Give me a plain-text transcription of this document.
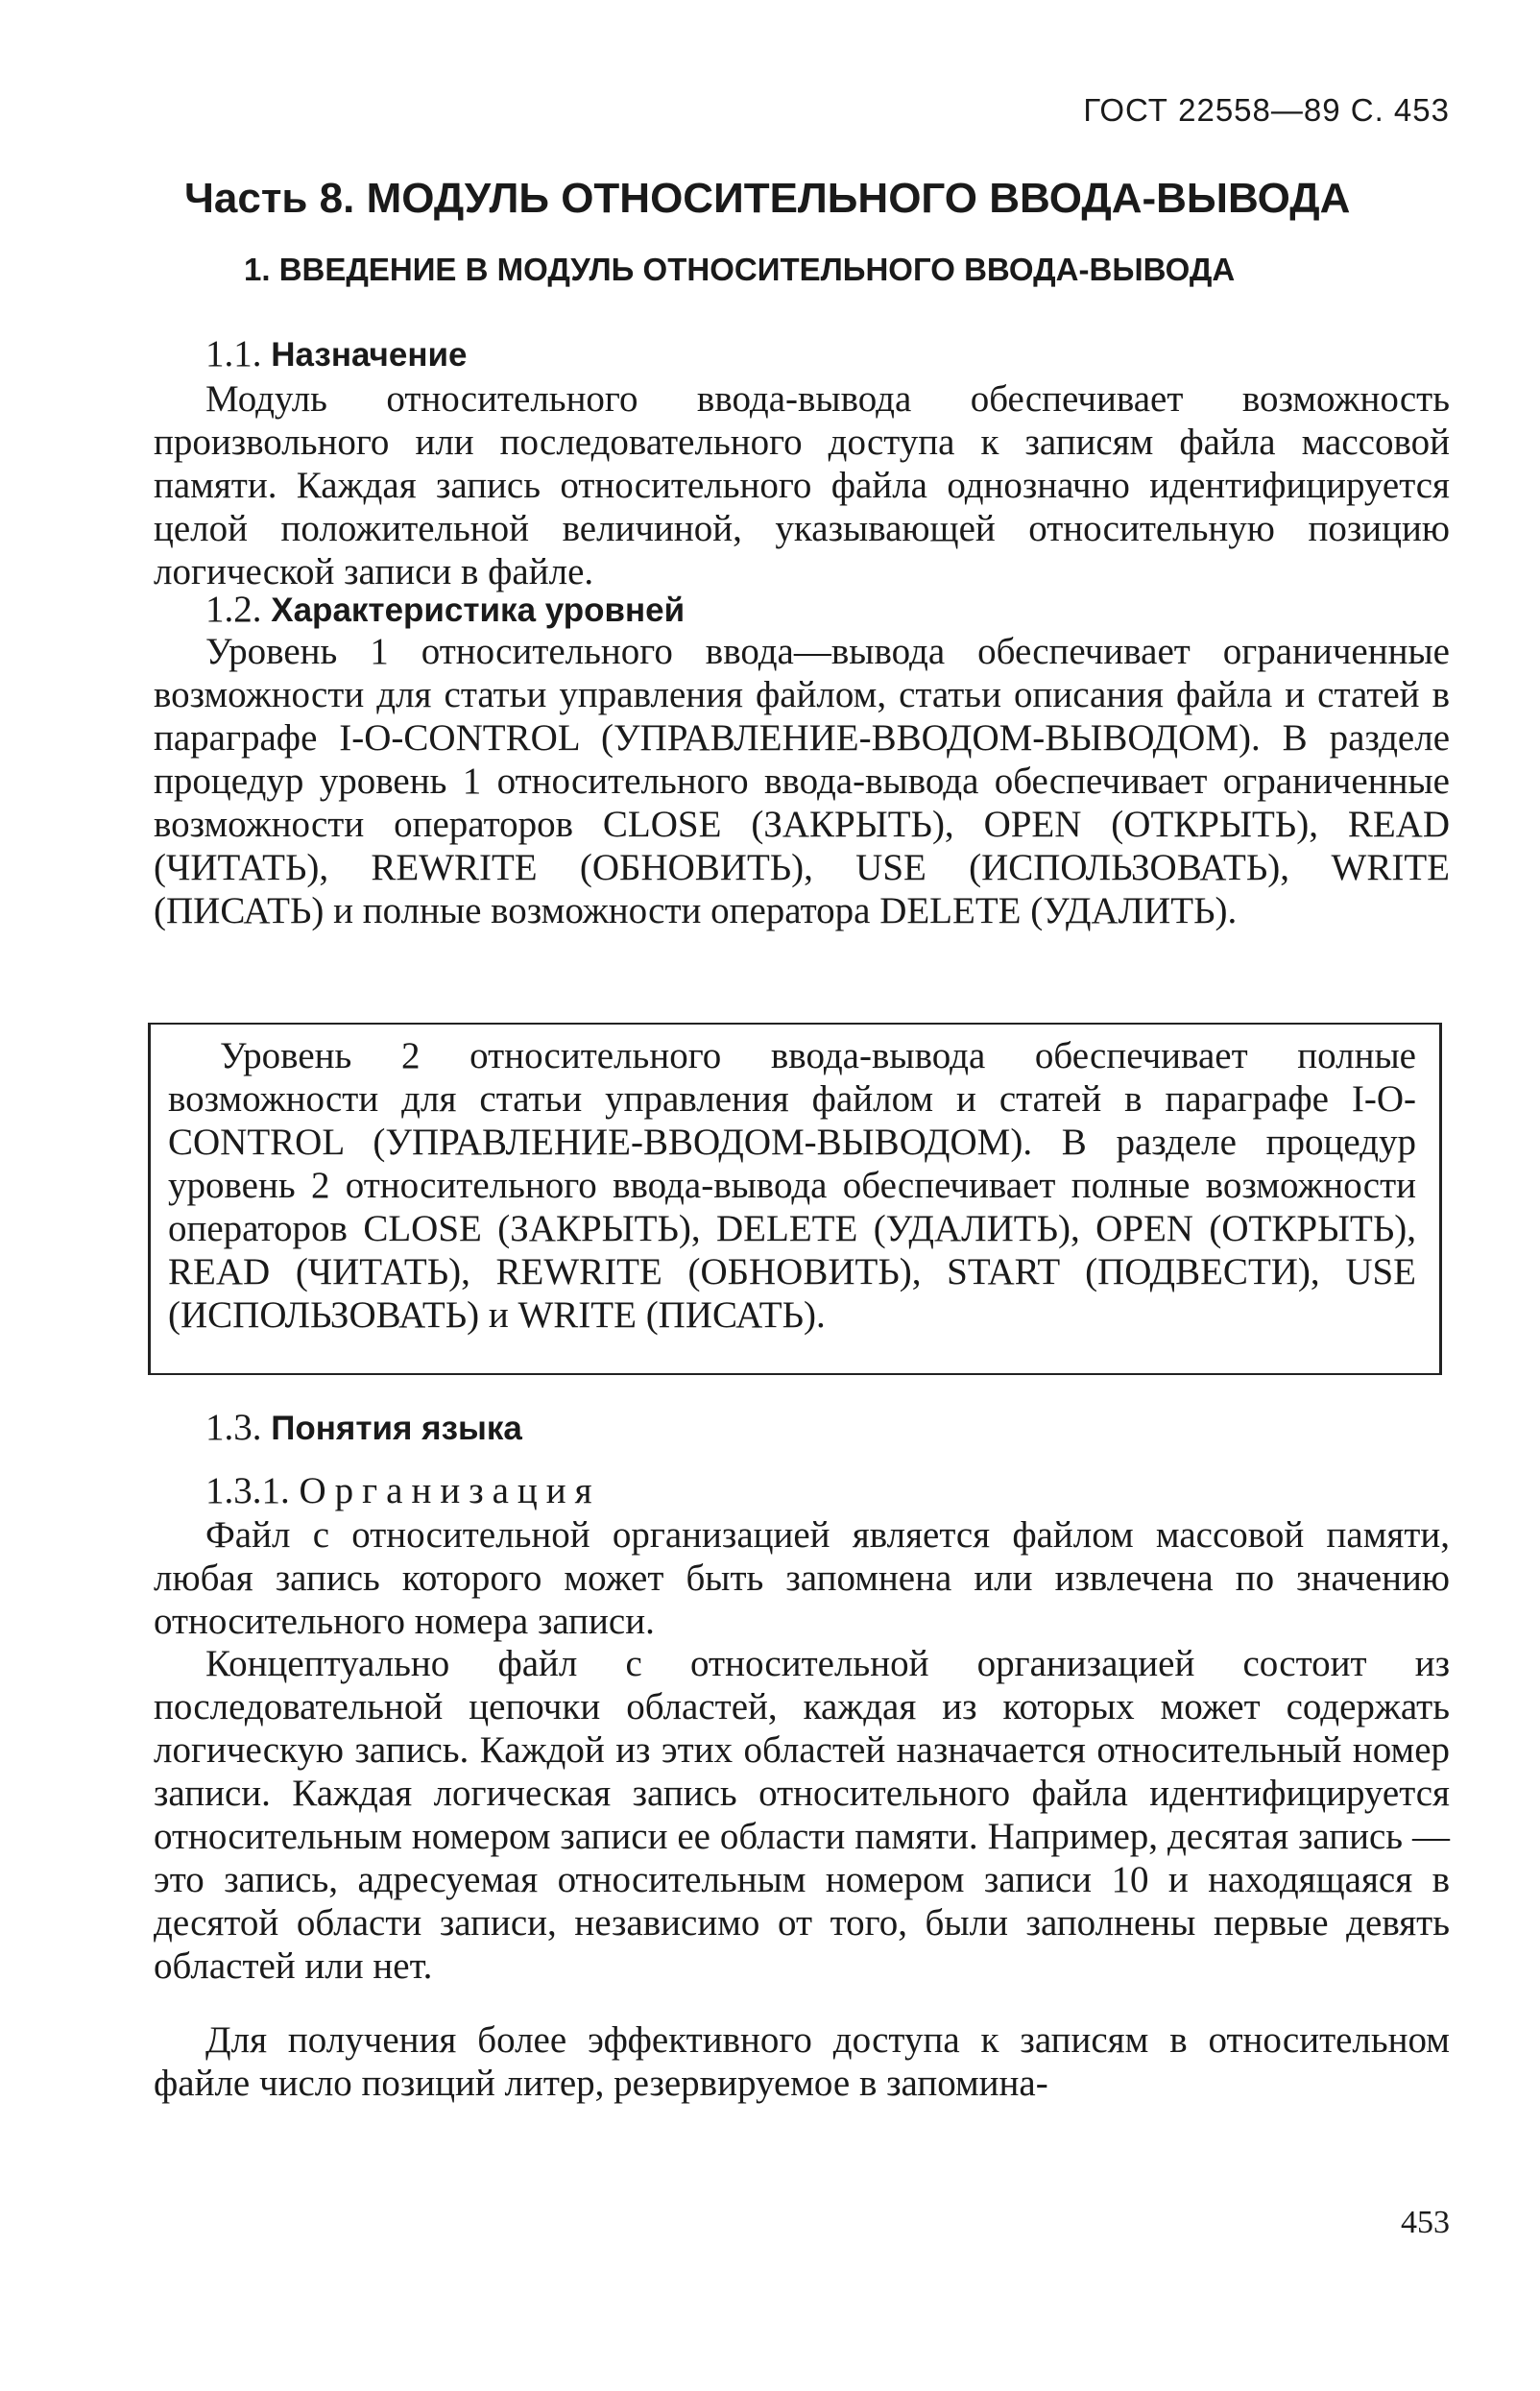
ГОСТ 22558—89 С. 453
Часть 8. МОДУЛЬ ОТНОСИТЕЛЬНОГО ВВОДА-ВЫВОДА
1. ВВЕДЕНИЕ В МОДУЛЬ ОТНОСИТЕЛЬНОГО ВВОДА-ВЫВОДА
1.1. Назначение

Модуль относительного ввода-вывода обеспечивает возможность произвольного или последовательного доступа к записям файла массовой памяти. Каждая запись относительного файла однозначно идентифицируется целой положительной величиной, указывающей относительную позицию логической записи в файле.

1.2. Характеристика уровней

Уровень 1 относительного ввода—вывода обеспечивает ограниченные возможности для статьи управления файлом, статьи описания файла и статей в параграфе I-O-CONTROL (УПРАВЛЕНИЕ-ВВОДОМ-ВЫВОДОМ). В разделе процедур уровень 1 относительного ввода-вывода обеспечивает ограниченные возможности операторов CLOSE (ЗАКРЫТЬ), OPEN (ОТКРЫТЬ), READ (ЧИТАТЬ), REWRITE (ОБНОВИТЬ), USE (ИСПОЛЬЗОВАТЬ), WRITE (ПИСАТЬ) и полные возможности оператора DELETE (УДАЛИТЬ).

Уровень 2 относительного ввода-вывода обеспечивает полные возможности для статьи управления файлом и статей в параграфе I-O-CONTROL (УПРАВЛЕНИЕ-ВВОДОМ-ВЫВОДОМ). В разделе процедур уровень 2 относительного ввода-вывода обеспечивает полные возможности операторов CLOSE (ЗАКРЫТЬ), DELETE (УДАЛИТЬ), OPEN (ОТКРЫТЬ), READ (ЧИТАТЬ), REWRITE (ОБНОВИТЬ), START (ПОДВЕСТИ), USE (ИСПОЛЬЗОВАТЬ) и WRITE (ПИСАТЬ).

1.3. Понятия языка
1.3.1. Организация

Файл с относительной организацией является файлом массовой памяти, любая запись которого может быть запомнена или извлечена по значению относительного номера записи.

Концептуально файл с относительной организацией состоит из последовательной цепочки областей, каждая из которых может содержать логическую запись. Каждой из этих областей назначается относительный номер записи. Каждая логическая запись относительного файла идентифицируется относительным номером записи ее области памяти. Например, десятая запись — это запись, адресуемая относительным номером записи 10 и находящаяся в десятой области записи, независимо от того, были заполнены первые девять областей или нет.

Для получения более эффективного доступа к записям в относительном файле число позиций литер, резервируемое в запомина-

453
